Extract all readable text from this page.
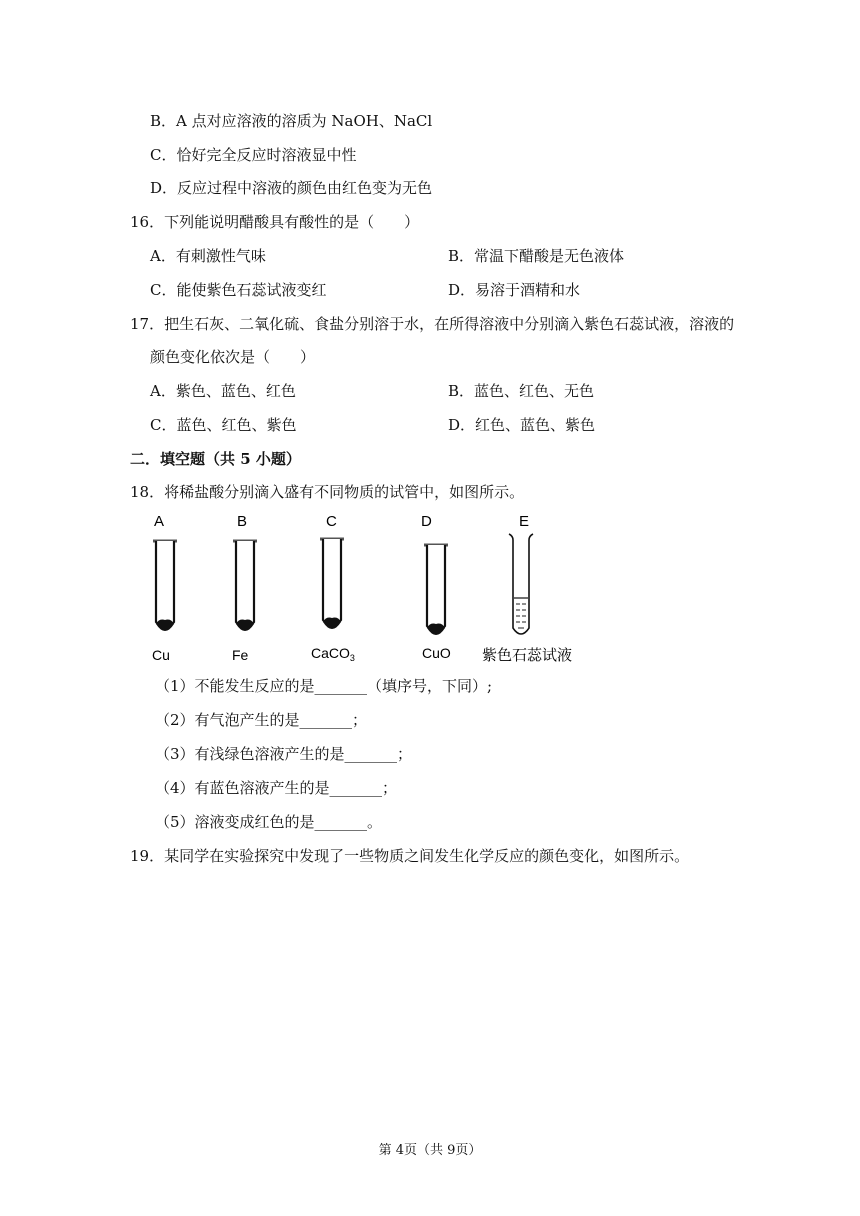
B．A 点对应溶液的溶质为 NaOH、NaCl
C．恰好完全反应时溶液显中性
D．反应过程中溶液的颜色由红色变为无色
16．下列能说明醋酸具有酸性的是（　　）
A．有刺激性气味	B．常温下醋酸是无色液体
C．能使紫色石蕊试液变红	D．易溶于酒精和水
17．把生石灰、二氧化硫、食盐分别溶于水，在所得溶液中分别滴入紫色石蕊试液，溶液的
颜色变化依次是（　　）
A．紫色、蓝色、红色	B．蓝色、红色、无色
C．蓝色、红色、紫色	D．红色、蓝色、紫色
二．填空题（共 5 小题）
18．将稀盐酸分别滴入盛有不同物质的试管中，如图所示。
A
Cu
B
Fe
C
CaCO$_3$
D
CuO
E
紫色石蕊试液
（1）不能发生反应的是_______（填序号，下同）;
（2）有气泡产生的是_______；
（3）有浅绿色溶液产生的是_______；
（4）有蓝色溶液产生的是_______；
（5）溶液变成红色的是_______。
19．某同学在实验探究中发现了一些物质之间发生化学反应的颜色变化，如图所示。
第 4页（共 9页）
